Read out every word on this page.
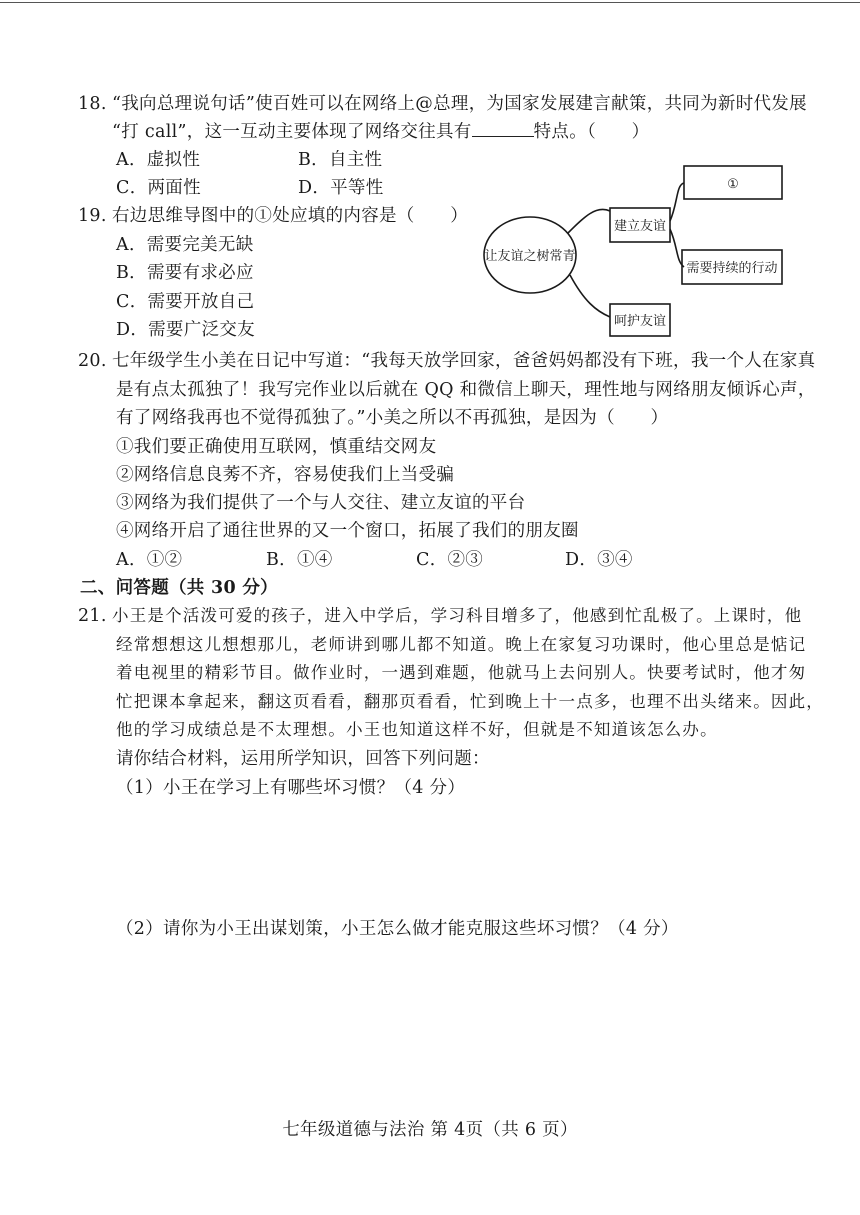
18. “我向总理说句话”使百姓可以在网络上@总理，为国家发展建言献策，共同为新时代发展
“打 call”，这一互动主要体现了网络交往具有	特点。（　　）
A．虚拟性	B．自主性
C．两面性	D．平等性
19. 右边思维导图中的①处应填的内容是（　　）
A．需要完美无缺
B．需要有求必应
C．需要开放自己
D．需要广泛交友
让友谊之树常青
建立友谊
呵护友谊
①
需要持续的行动
20. 七年级学生小美在日记中写道：“我每天放学回家，爸爸妈妈都没有下班，我一个人在家真
是有点太孤独了！我写完作业以后就在 QQ 和微信上聊天，理性地与网络朋友倾诉心声，
有了网络我再也不觉得孤独了。”小美之所以不再孤独，是因为（　　）
①我们要正确使用互联网，慎重结交网友
②网络信息良莠不齐，容易使我们上当受骗
③网络为我们提供了一个与人交往、建立友谊的平台
④网络开启了通往世界的又一个窗口，拓展了我们的朋友圈
A．①②	B．①④	C．②③	D．③④
二、问答题（共 30 分）
21. 小王是个活泼可爱的孩子，进入中学后，学习科目增多了，他感到忙乱极了。上课时，他
经常想想这儿想想那儿，老师讲到哪儿都不知道。晚上在家复习功课时，他心里总是惦记
着电视里的精彩节目。做作业时，一遇到难题，他就马上去问别人。快要考试时，他才匆
忙把课本拿起来，翻这页看看，翻那页看看，忙到晚上十一点多，也理不出头绪来。因此，
他的学习成绩总是不太理想。小王也知道这样不好，但就是不知道该怎么办。
请你结合材料，运用所学知识，回答下列问题：
（1）小王在学习上有哪些坏习惯？（4 分）
（2）请你为小王出谋划策，小王怎么做才能克服这些坏习惯？（4 分）
七年级道德与法治 第 4页（共 6 页）
